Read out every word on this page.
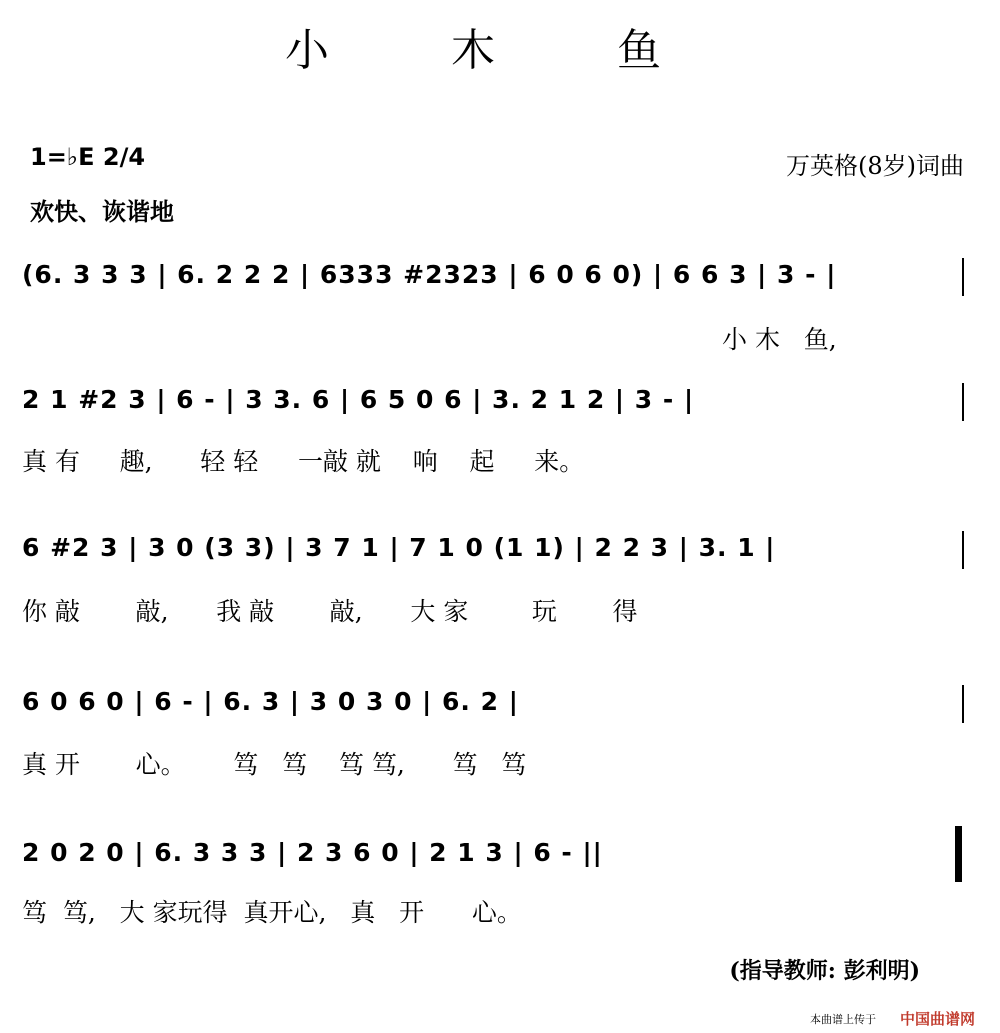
小 木 鱼
1=♭E 2/4
欢快、诙谐地
万英格(8岁)词曲
(6. 3 3 3 | 6. 2 2 2 | 6333 #2323 | 6 0 6 0) | 6 6 3 | 3 - |
小 木   鱼,
2 1 #2 3 | 6 - | 3 3. 6 | 6 5 0 6 | 3. 2 1 2 | 3 - |
真 有     趣,      轻 轻     一敲 就    响    起     来。
6 #2 3 | 3 0 (3 3) | 3 7 1 | 7 1 0 (1 1) | 2 2 3 | 3. 1 |
你 敲       敲,      我 敲       敲,      大 家        玩       得
6 0 6 0 | 6 - | 6. 3 | 3 0 3 0 | 6. 2 |
真 开       心。      笃   笃    笃 笃,      笃   笃
2 0 2 0 | 6. 3 3 3 | 2 3 6 0 | 2 1 3 | 6 - ||
笃  笃,   大 家玩得  真开心,   真   开      心。
(指导教师: 彭利明)
本曲谱上传于 中国曲谱网
